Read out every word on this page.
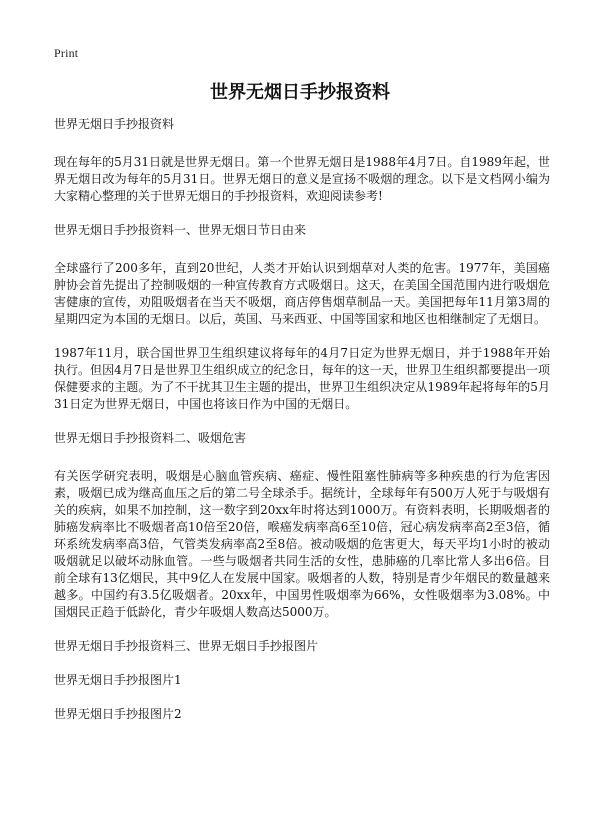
Print
世界无烟日手抄报资料

世界无烟日手抄报资料

现在每年的5月31日就是世界无烟日。第一个世界无烟日是1988年4月7日。自1989年起，世界无烟日改为每年的5月31日。世界无烟日的意义是宣扬不吸烟的理念。以下是文档网小编为大家精心整理的关于世界无烟日的手抄报资料，欢迎阅读参考!

世界无烟日手抄报资料一、世界无烟日节日由来

全球盛行了200多年，直到20世纪，人类才开始认识到烟草对人类的危害。1977年，美国癌肿协会首先提出了控制吸烟的一种宣传教育方式吸烟日。这天，在美国全国范围内进行吸烟危害健康的宣传，劝阻吸烟者在当天不吸烟，商店停售烟草制品一天。美国把每年11月第3周的星期四定为本国的无烟日。以后，英国、马来西亚、中国等国家和地区也相继制定了无烟日。

1987年11月，联合国世界卫生组织建议将每年的4月7日定为世界无烟日，并于1988年开始执行。但因4月7日是世界卫生组织成立的纪念日，每年的这一天，世界卫生组织都要提出一项保健要求的主题。为了不干扰其卫生主题的提出，世界卫生组织决定从1989年起将每年的5月31日定为世界无烟日，中国也将该日作为中国的无烟日。

世界无烟日手抄报资料二、吸烟危害

有关医学研究表明，吸烟是心脑血管疾病、癌症、慢性阻塞性肺病等多种疾患的行为危害因素，吸烟已成为继高血压之后的第二号全球杀手。据统计，全球每年有500万人死于与吸烟有关的疾病，如果不加控制，这一数字到20xx年时将达到1000万。有资料表明，长期吸烟者的肺癌发病率比不吸烟者高10倍至20倍，喉癌发病率高6至10倍，冠心病发病率高2至3倍，循环系统发病率高3倍，气管类发病率高2至8倍。被动吸烟的危害更大，每天平均1小时的被动吸烟就足以破坏动脉血管。一些与吸烟者共同生活的女性，患肺癌的几率比常人多出6倍。目前全球有13亿烟民，其中9亿人在发展中国家。吸烟者的人数，特别是青少年烟民的数量越来越多。中国约有3.5亿吸烟者。20xx年，中国男性吸烟率为66%，女性吸烟率为3.08%。中国烟民正趋于低龄化，青少年吸烟人数高达5000万。

世界无烟日手抄报资料三、世界无烟日手抄报图片

世界无烟日手抄报图片1

世界无烟日手抄报图片2
